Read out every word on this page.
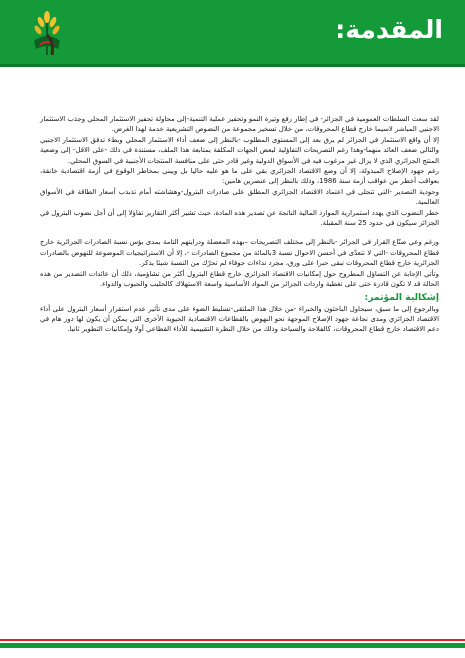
المقدمة:

لقد سعت السلطات العمومية في الجزائر- في إطار رفع وتيرة النمو وتحفيز عملية التنمية-إلى محاولة تحفيز الاستثمار المحلي وجذب الاستثمار الاجنبي المباشر لاسيما خارج قطاع المحروقات، من خلال تسخير مجموعة من النصوص التشريعية خدمة لهذا الغرض.

إلا أن واقع الاستثمار في الجزائر لم يرق بعد إلى المستوى المطلوب -بالنظر إلى ضعف أداء الاستثمار المحلي وبطء تدفق الاستثمار الاجنبي والتالي ضعف العائد منهما-وهذا رغم التصريحات التفاؤلية لبعض الجهات المكلفة بمتابعة هذا الملف، مستندة في ذلك -على الاقل- إلى وضعية المنتج الجزائري الذي لا يزال غير مرغوب فيه في الأسواق الدولية وغير قادر حتى على منافسة المنتجات الأجنبية في السوق المحلي.

رغم جهود الإصلاح المبذولة، إلا أن وضع الاقتصاد الجزائري بقي على ما هو عليه حاليا بل ويبنى بمخاطر الوقوع في أزمة اقتصادية خانقة، بعواقب أخطر من عواقب أزمة سنة 1986، وذلك بالنظر إلى عنصرين هامين:

وحودية التصدير -التي تتجلى في اعتماد الاقتصاد الجزائري المطلق على صادرات البترول-وهشاشته أمام تذبذب أسعار الطاقة في الأسواق العالمية.

خطر النضوب الذي يهدد استمرارية الموارد المالية الناتجة عن تصدير هذه المادة، حيث تشير أكثر التقارير تفاؤلا إلى أن أجل نضوب البترول في الجزائر سيكون في حدود 25 سنة المقبلة.

ورغم وعي صنّاع القرار في الجزائر -بالنظر إلى مختلف التصريحات –بهذه المعضلة ودرايتهم التامة بمدى بؤس نسبة الصادرات الجزائرية خارج قطاع المحروقات -التي لا تتعدّى في أحسن الاحوال نسبة 3بالمائة من مجموع الصادرات -، إلا أن الاستراتيجيات الموضوعة للنهوض بالصادرات الجزائرية خارج قطاع المحروقات تبقى حبرا على ورق، مجرد نداءات جوفاء لم تحرّك من النسبة شيئا يذكر.

وتأتي الإجابة عن التساؤل المطروح حول إمكانيات الاقتصاد الجزائري خارج قطاع البترول أكثر من تشاؤمية، ذلك أن عائدات التصدير من هذه الحالة قد لا تكون قادرة حتى على تغطية واردات الجزائر من المواد الأساسية واسعة الاستهلاك كالحليب والحبوب والدواء.

إشكالية المؤتمر:

وبالرجوع إلى ما سبق، سيحاول الباحثون والخبراء -من خلال هذا الملتقى-تسليط الضوء على مدى تأثير عدم استقرار أسعار البترول على أداء الاقتصاد الجزائري ومدى نجاعة جهود الإصلاح الموجهة نحو النهوض بالقطاعات الاقتصادية الحيوية الأخرى التي يمكن أن يكون لها دور هام في دعم الاقتصاد خارج قطاع المحروقات، كالفلاحة والسياحة وذلك من خلال النظرة التقييمية للأداء القطاعي أولا وإمكانيات التطوير ثانيا.
